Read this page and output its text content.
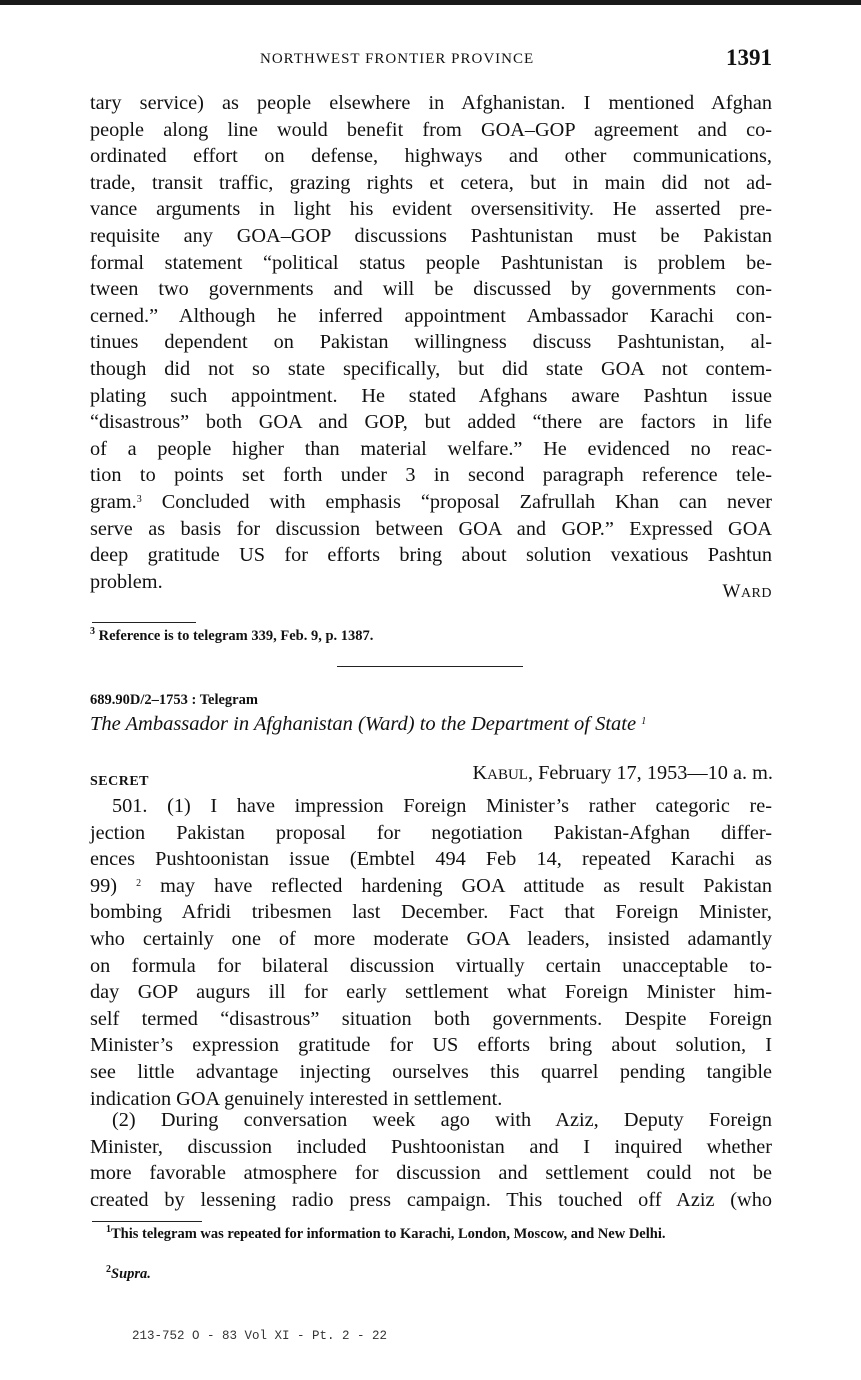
NORTHWEST FRONTIER PROVINCE	1391
tary service) as people elsewhere in Afghanistan. I mentioned Afghan
people along line would benefit from GOA–GOP agreement and co-
ordinated effort on defense, highways and other communications,
trade, transit traffic, grazing rights et cetera, but in main did not ad-
vance arguments in light his evident oversensitivity. He asserted pre-
requisite any GOA–GOP discussions Pashtunistan must be Pakistan
formal statement “political status people Pashtunistan is problem be-
tween two governments and will be discussed by governments con-
cerned.” Although he inferred appointment Ambassador Karachi con-
tinues dependent on Pakistan willingness discuss Pashtunistan, al-
though did not so state specifically, but did state GOA not contem-
plating such appointment. He stated Afghans aware Pashtun issue
“disastrous” both GOA and GOP, but added “there are factors in life
of a people higher than material welfare.” He evidenced no reac-
tion to points set forth under 3 in second paragraph reference tele-
gram.$^3$ Concluded with emphasis “proposal Zafrullah Khan can never
serve as basis for discussion between GOA and GOP.” Expressed GOA
deep gratitude US for efforts bring about solution vexatious Pashtun
problem.	WARD
$^3$ Reference is to telegram 339, Feb. 9, p. 1387.
689.90D/2–1753 : Telegram
The Ambassador in Afghanistan (Ward) to the Department of State $^1$
SECRET	KABUL, February 17, 1953—10 a. m.
501. (1) I have impression Foreign Minister’s rather categoric re-
jection Pakistan proposal for negotiation Pakistan-Afghan differ-
ences Pushtoonistan issue (Embtel 494 Feb 14, repeated Karachi as
99) $^2$ may have reflected hardening GOA attitude as result Pakistan
bombing Afridi tribesmen last December. Fact that Foreign Minister,
who certainly one of more moderate GOA leaders, insisted adamantly
on formula for bilateral discussion virtually certain unacceptable to-
day GOP augurs ill for early settlement what Foreign Minister him-
self termed “disastrous” situation both governments. Despite Foreign
Minister’s expression gratitude for US efforts bring about solution, I
see little advantage injecting ourselves this quarrel pending tangible
indication GOA genuinely interested in settlement.
(2) During conversation week ago with Aziz, Deputy Foreign
Minister, discussion included Pushtoonistan and I inquired whether
more favorable atmosphere for discussion and settlement could not be
created by lessening radio press campaign. This touched off Aziz (who
$^1$This telegram was repeated for information to Karachi, London, Moscow, and New Delhi.
$^2$Supra.
213-752 O - 83 Vol XI - Pt. 2 - 22
